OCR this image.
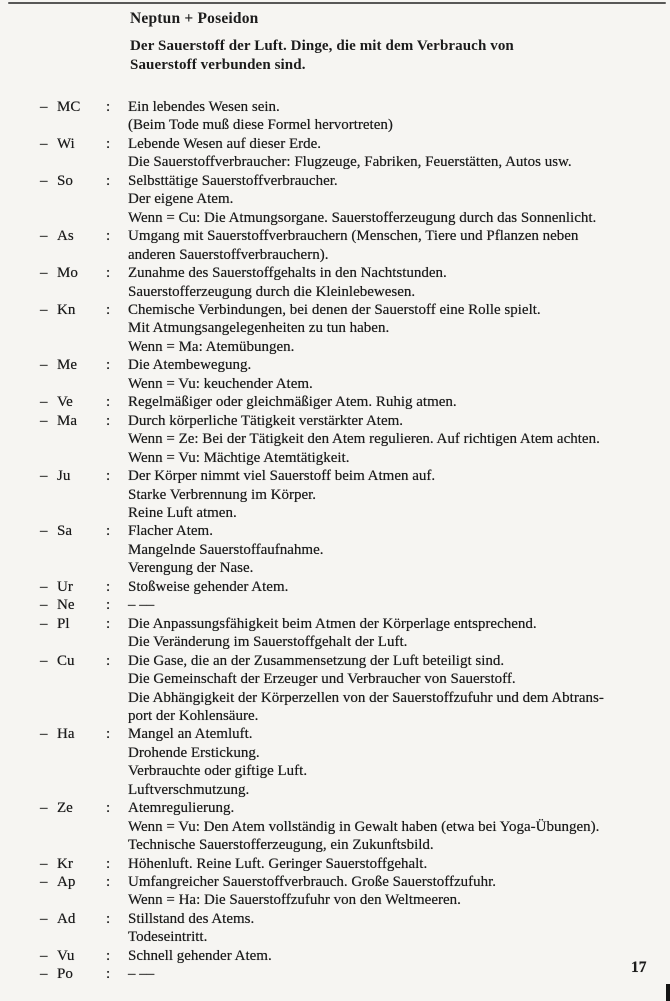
Neptun + Poseidon
Der Sauerstoff der Luft. Dinge, die mit dem Verbrauch von
Sauerstoff verbunden sind.
– MC	: Ein lebendes Wesen sein.
(Beim Tode muß diese Formel hervortreten)
– Wi	: Lebende Wesen auf dieser Erde.
Die Sauerstoffverbraucher: Flugzeuge, Fabriken, Feuerstätten, Autos usw.
– So	: Selbsttätige Sauerstoffverbraucher.
Der eigene Atem.
Wenn = Cu: Die Atmungsorgane. Sauerstofferzeugung durch das Sonnenlicht.
– As	: Umgang mit Sauerstoffverbrauchern (Menschen, Tiere und Pflanzen neben
anderen Sauerstoffverbrauchern).
– Mo	: Zunahme des Sauerstoffgehalts in den Nachtstunden.
Sauerstofferzeugung durch die Kleinlebewesen.
– Kn	: Chemische Verbindungen, bei denen der Sauerstoff eine Rolle spielt.
Mit Atmungsangelegenheiten zu tun haben.
Wenn = Ma: Atemübungen.
– Me	: Die Atembewegung.
Wenn = Vu: keuchender Atem.
– Ve	: Regelmäßiger oder gleichmäßiger Atem. Ruhig atmen.
– Ma	: Durch körperliche Tätigkeit verstärkter Atem.
Wenn = Ze: Bei der Tätigkeit den Atem regulieren. Auf richtigen Atem achten.
Wenn = Vu: Mächtige Atemtätigkeit.
– Ju	: Der Körper nimmt viel Sauerstoff beim Atmen auf.
Starke Verbrennung im Körper.
Reine Luft atmen.
– Sa	: Flacher Atem.
Mangelnde Sauerstoffaufnahme.
Verengung der Nase.
– Ur	: Stoßweise gehender Atem.
– Ne	: – ––
– Pl	: Die Anpassungsfähigkeit beim Atmen der Körperlage entsprechend.
Die Veränderung im Sauerstoffgehalt der Luft.
– Cu	: Die Gase, die an der Zusammensetzung der Luft beteiligt sind.
Die Gemeinschaft der Erzeuger und Verbraucher von Sauerstoff.
Die Abhängigkeit der Körperzellen von der Sauerstoffzufuhr und dem Abtrans-
port der Kohlensäure.
– Ha	: Mangel an Atemluft.
Drohende Erstickung.
Verbrauchte oder giftige Luft.
Luftverschmutzung.
– Ze	: Atemregulierung.
Wenn = Vu: Den Atem vollständig in Gewalt haben (etwa bei Yoga-Übungen).
Technische Sauerstofferzeugung, ein Zukunftsbild.
– Kr	: Höhenluft. Reine Luft. Geringer Sauerstoffgehalt.
– Ap	: Umfangreicher Sauerstoffverbrauch. Große Sauerstoffzufuhr.
Wenn = Ha: Die Sauerstoffzufuhr von den Weltmeeren.
– Ad	: Stillstand des Atems.
Todeseintritt.
– Vu	: Schnell gehender Atem.
– Po	: – ––	17
